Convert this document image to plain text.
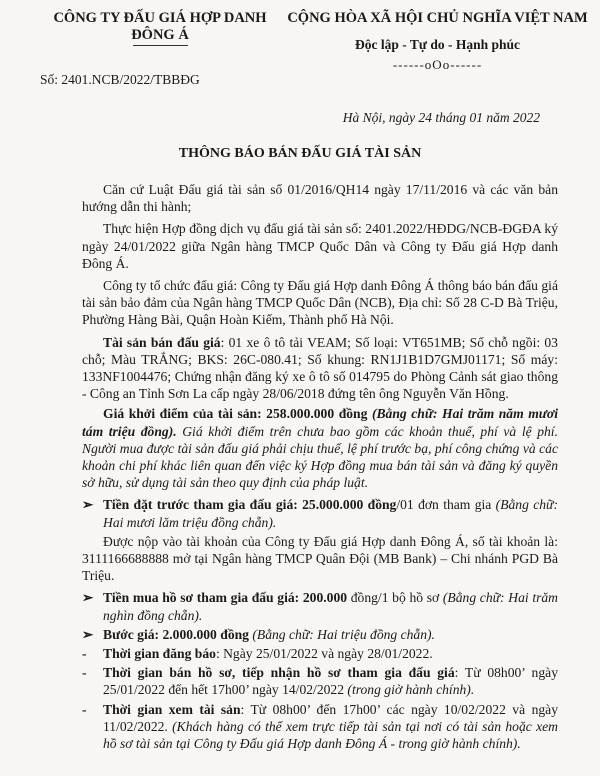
CÔNG TY ĐẤU GIÁ HỢP DANH
ĐÔNG Á
CỘNG HÒA XÃ HỘI CHỦ NGHĨA VIỆT NAM
Độc lập - Tự do - Hạnh phúc
------oOo------
Số: 2401.NCB/2022/TBBĐG
Hà Nội, ngày 24 tháng 01 năm 2022
THÔNG BÁO BÁN ĐẤU GIÁ TÀI SẢN
Căn cứ Luật Đấu giá tài sản số 01/2016/QH14 ngày 17/11/2016 và các văn bản hướng dẫn thi hành;
Thực hiện Hợp đồng dịch vụ đấu giá tài sản số: 2401.2022/HĐDG/NCB-ĐGĐA ký ngày 24/01/2022 giữa Ngân hàng TMCP Quốc Dân và Công ty Đấu giá Hợp danh Đông Á.
Công ty tổ chức đấu giá: Công ty Đấu giá Hợp danh Đông Á thông báo bán đấu giá tài sản bảo đảm của Ngân hàng TMCP Quốc Dân (NCB), Địa chỉ: Số 28 C-D Bà Triệu, Phường Hàng Bài, Quận Hoàn Kiếm, Thành phố Hà Nội.
Tài sản bán đấu giá: 01 xe ô tô tải VEAM; Số loại: VT651MB; Số chỗ ngồi: 03 chỗ; Màu TRẮNG; BKS: 26C-080.41; Số khung: RN1J1B1D7GMJ01171; Số máy: 133NF1004476; Chứng nhận đăng ký xe ô tô số 014795 do Phòng Cảnh sát giao thông - Công an Tỉnh Sơn La cấp ngày 28/06/2018 đứng tên ông Nguyễn Văn Hồng.
Giá khởi điểm của tài sản: 258.000.000 đồng (Bằng chữ: Hai trăm năm mươi tám triệu đồng). Giá khởi điểm trên chưa bao gồm các khoản thuế, phí và lệ phí. Người mua được tài sản đấu giá phải chịu thuế, lệ phí trước bạ, phí công chứng và các khoản chi phí khác liên quan đến việc ký Hợp đồng mua bán tài sản và đăng ký quyền sở hữu, sử dụng tài sản theo quy định của pháp luật.
➢ Tiền đặt trước tham gia đấu giá: 25.000.000 đồng/01 đơn tham gia (Bằng chữ: Hai mươi lăm triệu đồng chẵn).
Được nộp vào tài khoản của Công ty Đấu giá Hợp danh Đông Á, số tài khoản là: 3111166688888 mở tại Ngân hàng TMCP Quân Đội (MB Bank) – Chi nhánh PGD Bà Triệu.
➢ Tiền mua hồ sơ tham gia đấu giá: 200.000 đồng/1 bộ hồ sơ (Bằng chữ: Hai trăm nghìn đồng chẵn).
➢ Bước giá: 2.000.000 đồng (Bằng chữ: Hai triệu đồng chẵn).
- Thời gian đăng báo: Ngày 25/01/2022 và ngày 28/01/2022.
- Thời gian bán hồ sơ, tiếp nhận hồ sơ tham gia đấu giá: Từ 08h00’ ngày 25/01/2022 đến hết 17h00’ ngày 14/02/2022 (trong giờ hành chính).
- Thời gian xem tài sản: Từ 08h00’ đến 17h00’ các ngày 10/02/2022 và ngày 11/02/2022. (Khách hàng có thể xem trực tiếp tài sản tại nơi có tài sản hoặc xem hồ sơ tài sản tại Công ty Đấu giá Hợp danh Đông Á - trong giờ hành chính).
